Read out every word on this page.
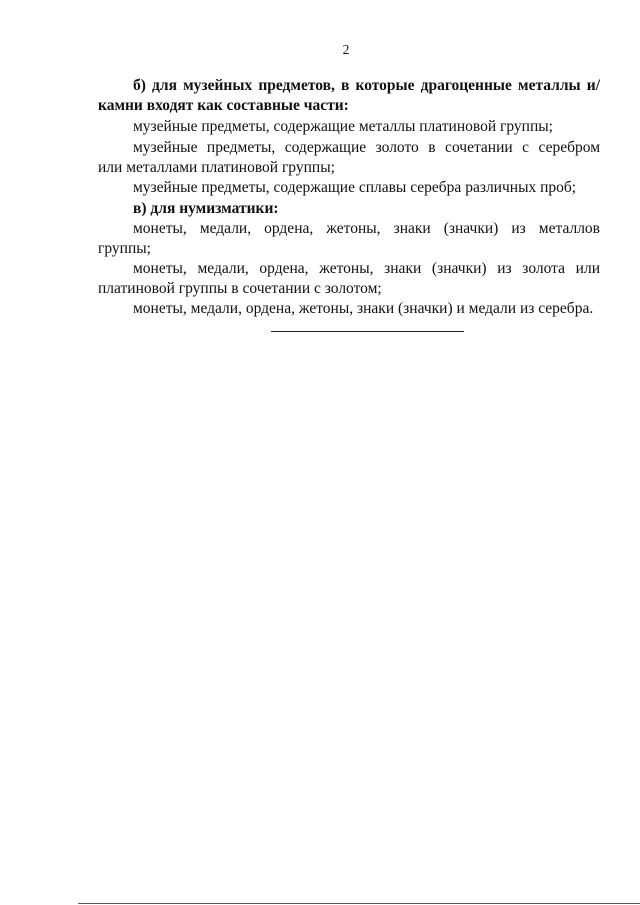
2
б) для музейных предметов, в которые драгоценные металлы и/
камни входят как составные части:
музейные предметы, содержащие металлы платиновой группы;
музейные предметы, содержащие золото в сочетании с серебром
или металлами платиновой группы;
музейные предметы, содержащие сплавы серебра различных проб;
в) для нумизматики:
монеты, медали, ордена, жетоны, знаки (значки) из металлов
группы;
монеты, медали, ордена, жетоны, знаки (значки) из золота или
платиновой группы в сочетании с золотом;
монеты, медали, ордена, жетоны, знаки (значки) и медали из серебра.
